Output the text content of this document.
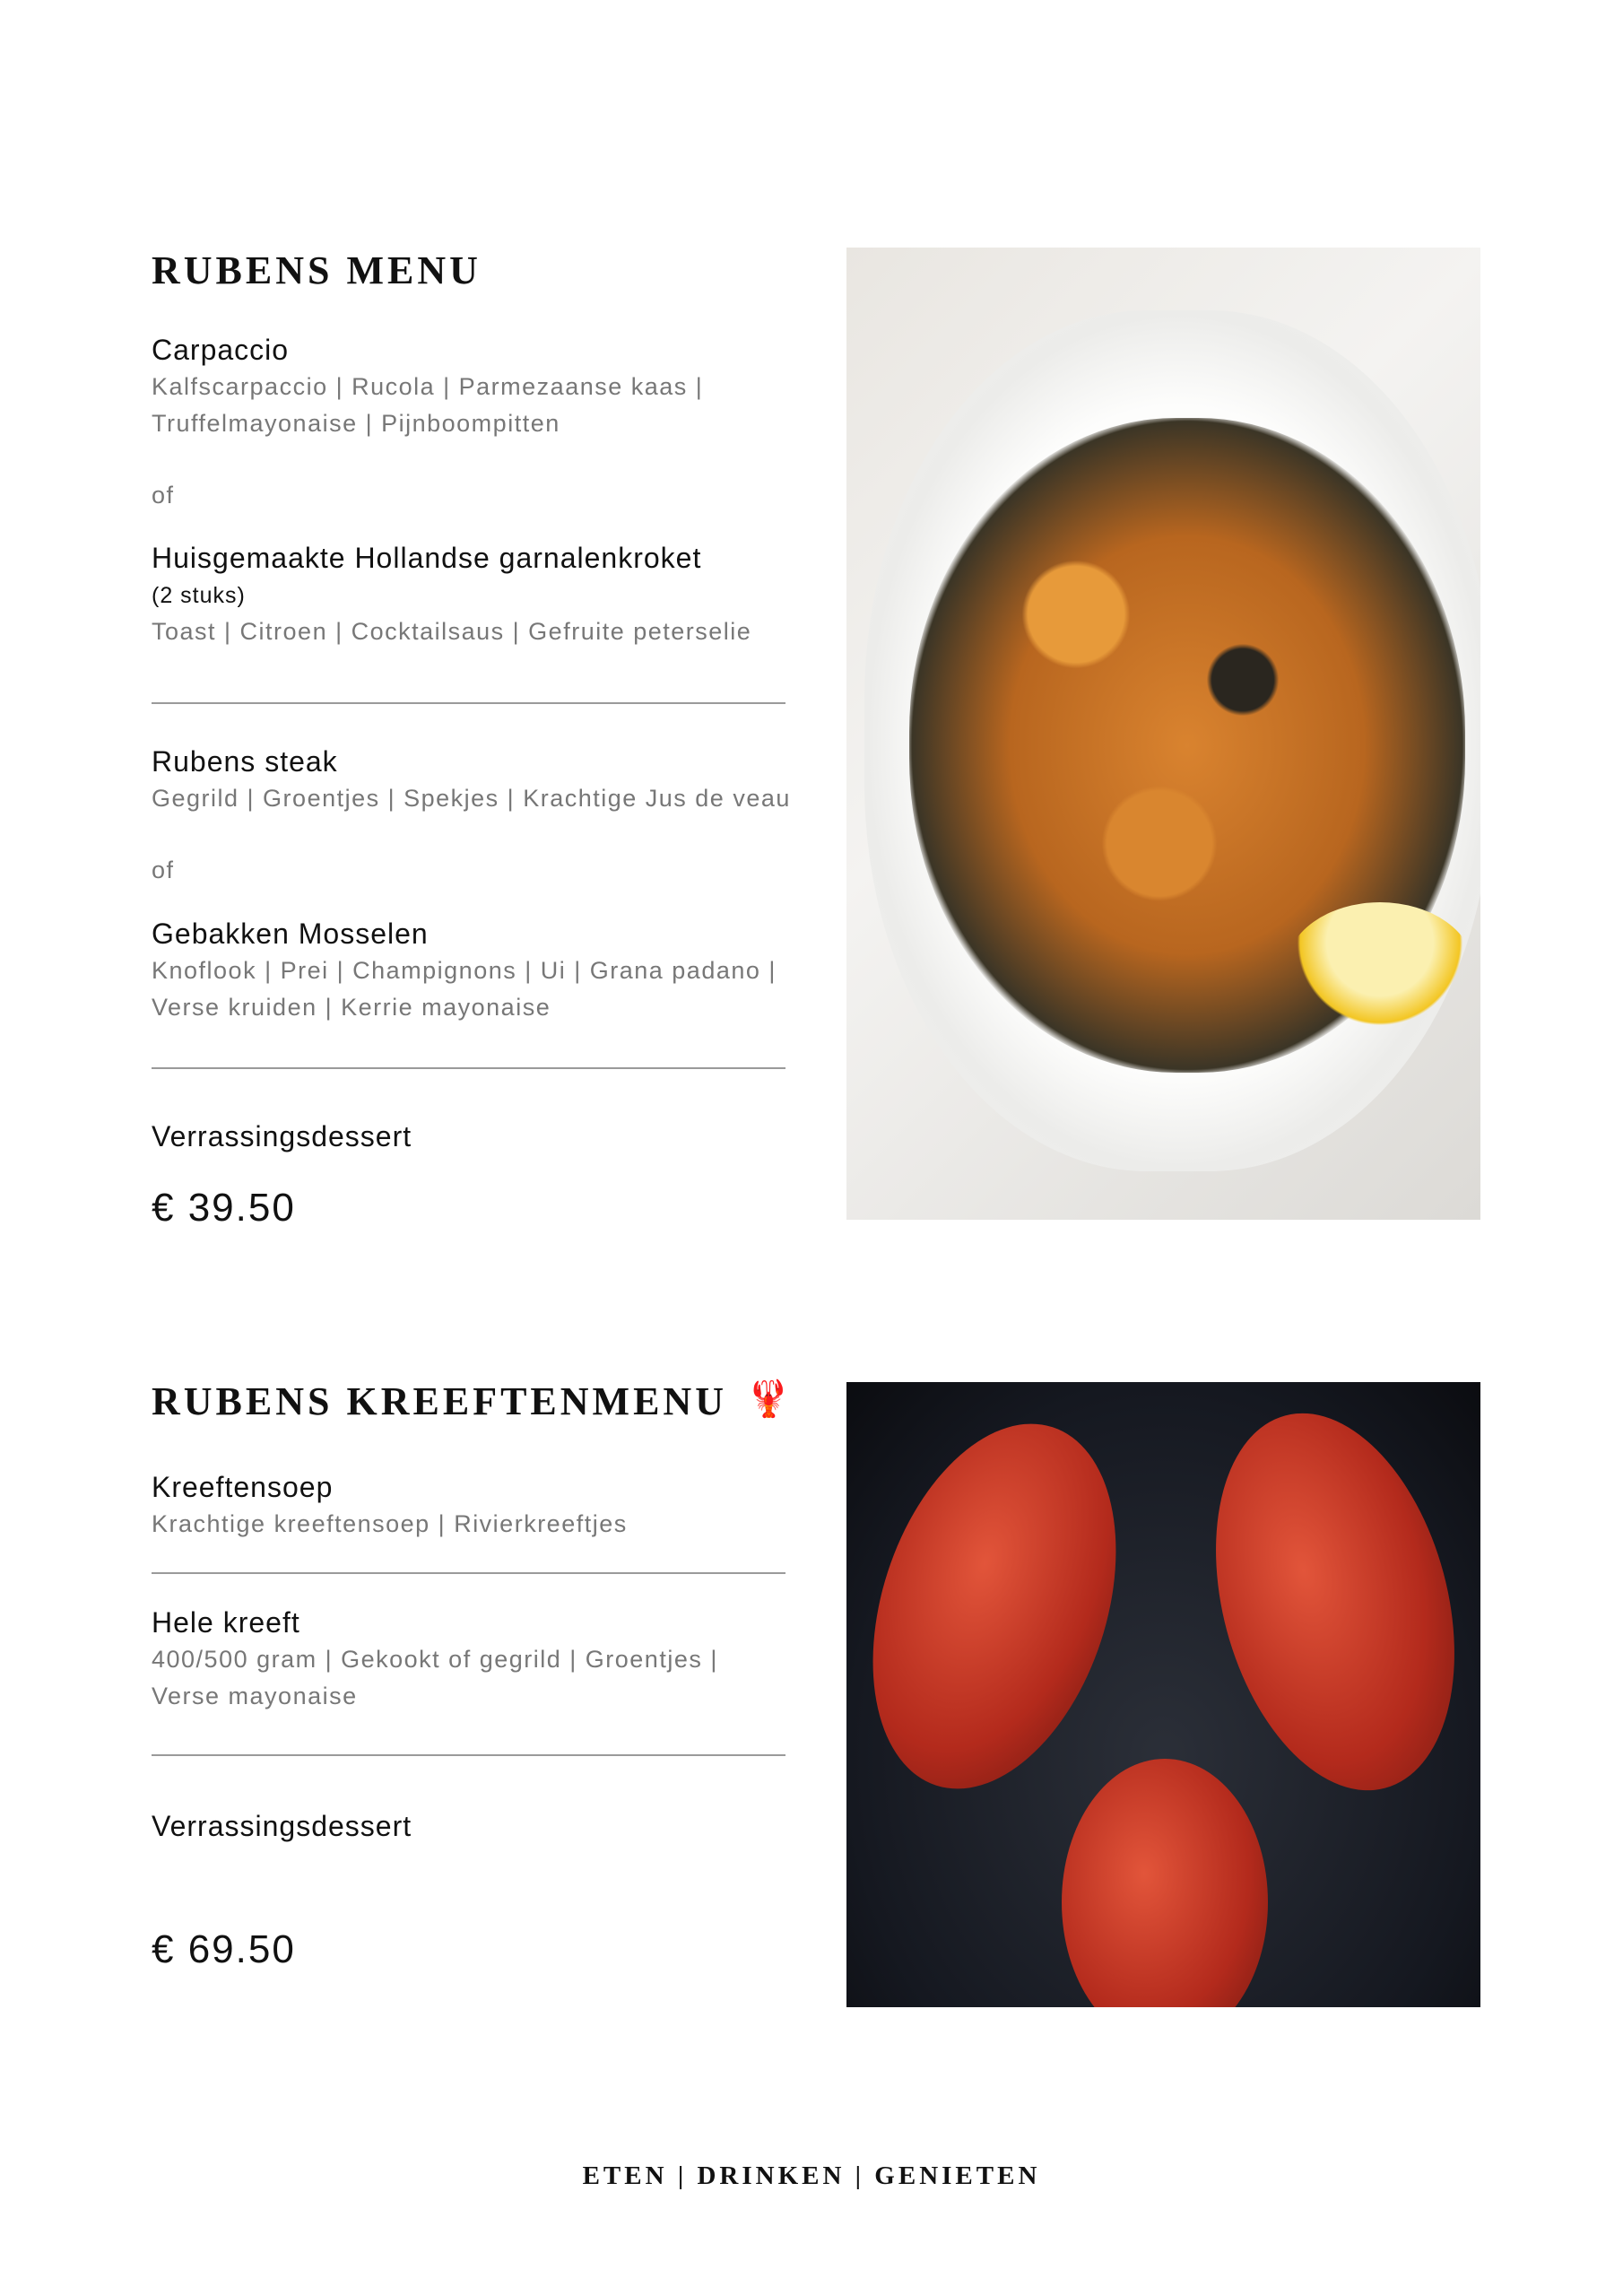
RUBENS MENU
Carpaccio
Kalfscarpaccio | Rucola | Parmezaanse kaas |
Truffelmayonaise | Pijnboompitten
of
Huisgemaakte Hollandse garnalenkroket
(2 stuks)
Toast | Citroen | Cocktailsaus | Gefruite peterselie
Rubens steak
Gegrild | Groentjes | Spekjes | Krachtige Jus de veau
of
Gebakken Mosselen
Knoflook | Prei | Champignons | Ui | Grana padano |
Verse kruiden | Kerrie mayonaise
Verrassingsdessert
€ 39.50
RUBENS KREEFTENMENU 🦞
Kreeftensoep
Krachtige kreeftensoep | Rivierkreeftjes
Hele kreeft
400/500 gram | Gekookt of gegrild | Groentjes |
Verse mayonaise
Verrassingsdessert
€ 69.50
ETEN | DRINKEN | GENIETEN
